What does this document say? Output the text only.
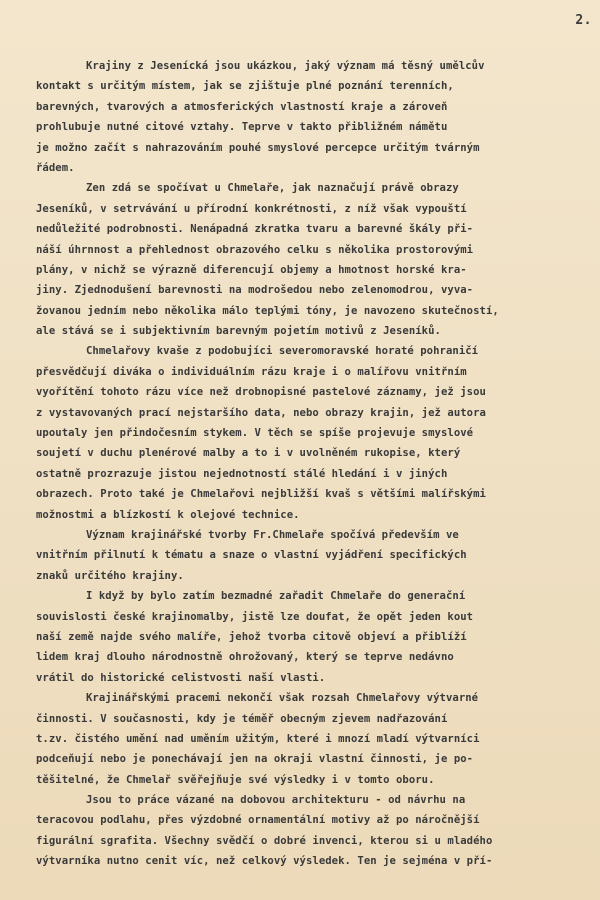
2.
Krajiny z Jesenícká jsou ukázkou, jaký význam má těsný umělcův
kontakt s určitým místem, jak se zjištuje plné poznání terenních,
barevných, tvarových a atmosferických vlastností kraje a zároveň
prohlubuje nutné citové vztahy. Teprve v takto přibližném námětu
je možno začít s nahrazováním pouhé smyslové percepce určitým tvárným
řádem.
Zen zdá se spočívat u Chmelaře, jak naznačují právě obrazy
Jeseníků, v setrvávání u přírodní konkrétnosti, z níž však vypouští
nedůležité podrobnosti. Nenápadná zkratka tvaru a barevné škály při-
náší úhrnnost a přehlednost obrazového celku s několika prostorovými
plány, v nichž se výrazně diferencují objemy a hmotnost horské kra-
jiny. Zjednodušení barevnosti na modrošedou nebo zelenomodrou, vyva-
žovanou jedním nebo několika málo teplými tóny, je navozeno skutečností,
ale stává se i subjektivním barevným pojetím motivů z Jeseníků.
Chmelařovy kvaše z podobujíci severomoravské horaté pohraničí
přesvědčují diváka o individuálním rázu kraje i o malířovu vnitřním
vyořítění tohoto rázu více než drobnopisné pastelové záznamy, jež jsou
z vystavovaných prací nejstaršího data, nebo obrazy krajin, jež autora
upoutaly jen přindočesním stykem. V těch se spíše projevuje smyslové
soujetí v duchu plenérové malby a to i v uvolněném rukopise, který
ostatně prozrazuje jistou nejednotností stálé hledání i v jiných
obrazech. Proto také je Chmelařovi nejbližší kvaš s většími malířskými
možnostmi a blízkostí k olejové technice.
Význam krajinářské tvorby Fr.Chmelaře spočívá především ve
vnitřním přilnutí k tématu a snaze o vlastní vyjádření specifických
znaků určitého krajiny.
I když by bylo zatím bezmadné zařadit Chmelaře do generační
souvislosti české krajinomalby, jistě lze doufat, že opět jeden kout
naší země najde svého malíře, jehož tvorba citově objeví a přiblíží
lidem kraj dlouho národnostně ohrožovaný, který se teprve nedávno
vrátil do historické celistvosti naší vlasti.
Krajinářskými pracemi nekončí však rozsah Chmelařovy výtvarné
činnosti. V současnosti, kdy je téměř obecným zjevem nadřazování
t.zv. čistého umění nad uměním užitým, které i mnozí mladí výtvarníci
podceňují nebo je ponechávají jen na okraji vlastní činnosti, je po-
těšitelné, že Chmelař svěřejňuje své výsledky i v tomto oboru.
Jsou to práce vázané na dobovou architekturu - od návrhu na
teracovou podlahu, přes výzdobné ornamentální motivy až po náročnější
figurální sgrafita. Všechny svědčí o dobré invenci, kterou si u mladého
výtvarníka nutno cenit víc, než celkový výsledek. Ten je sejména v pří-
